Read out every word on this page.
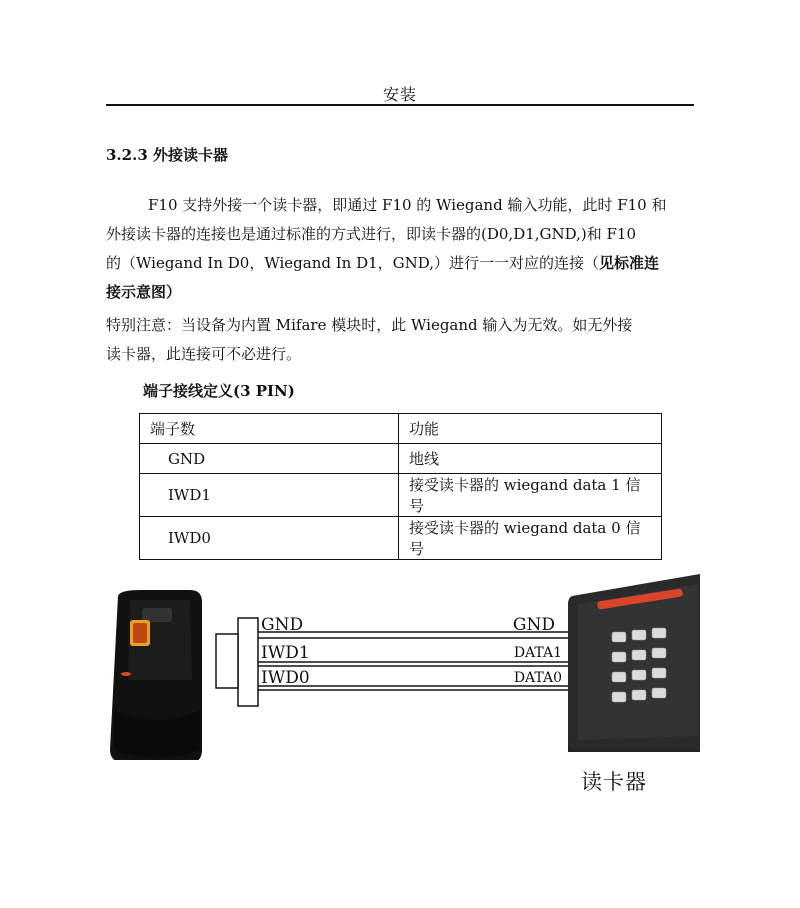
安装
3.2.3 外接读卡器
F10 支持外接一个读卡器，即通过 F10 的 Wiegand 输入功能，此时 F10 和
外接读卡器的连接也是通过标准的方式进行，即读卡器的(D0,D1,GND,)和 F10
的（Wiegand In D0，Wiegand In D1，GND,）进行一一对应的连接（见标准连
接示意图）
特别注意：当设备为内置 Mifare 模块时，此 Wiegand 输入为无效。如无外接
读卡器，此连接可不必进行。
端子接线定义(3 PIN)
端子数	功能
GND	地线
IWD1	接受读卡器的 wiegand data 1 信号
IWD0	接受读卡器的 wiegand data 0 信号
GND
IWD1
IWD0
GND
DATA1
DATA0
读卡器
